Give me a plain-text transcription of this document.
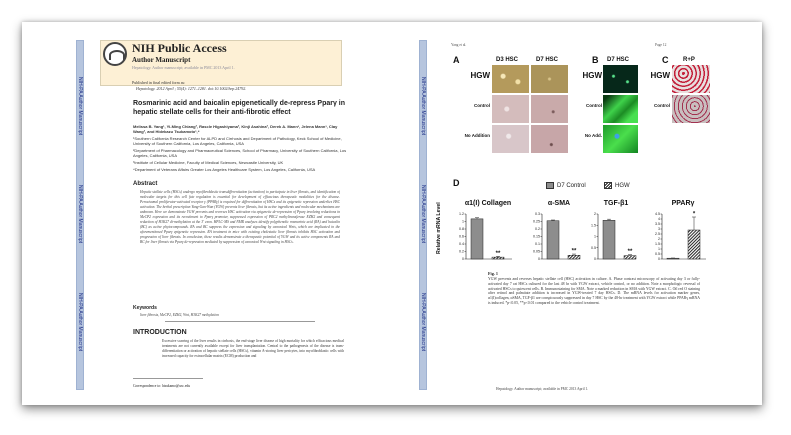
NIH-PA Author Manuscript
NIH-PA Author Manuscript
NIH-PA Author Manuscript
NIH Public Access
Author Manuscript
Hepatology. Author manuscript; available in PMC 2013 April 1.
Published in final edited form as:
Hepatology. 2012 April ; 55(4): 1271–1281. doi:10.1002/hep.24792.
Rosmarinic acid and baicalin epigenetically de-repress Pparγ in hepatic stellate cells for their anti-fibrotic effect
Melissa B. Yang¹, Yi-Ming Chiang², Rascle Higashiyama², Kinji Asahina², Derek A. Mann³, Jelena Mann³, Clay Wang², and Hidekazu Tsukamoto¹,⁴
¹Southern California Research Center for ALPD and Cirrhosis and Department of Pathology, Keck School of Medicine, University of Southern California, Los Angeles, California, USA
²Department of Pharmacology and Pharmaceutical Sciences, School of Pharmacy, University of Southern California, Los Angeles, California, USA
³Institute of Cellular Medicine, Faculty of Medical Sciences, Newcastle University, UK
⁴Department of Veterans Affairs Greater Los Angeles Healthcare System, Los Angeles, California, USA
Abstract
Hepatic stellate cells (HSCs) undergo myofibroblastic transdifferentiation (activation) to participate in liver fibrosis, and identification of molecular targets for this cell fate regulation is essential for development of efficacious therapeutic modalities for the disease. Peroxisomal proliferator-activated receptor γ (PPARγ) is required for differentiation of HSCs and its epigenetic repression underlies HSC activation. The herbal prescription Yang-Gan-Wan (YGW) prevents liver fibrosis, but its active ingredients and molecular mechanisms are unknown. Here we demonstrate YGW prevents and reverses HSC activation via epigenetic de-repression of Pparγ involving reductions in MeCP2 expression and its recruitment to Pparγ promoter, suppressed expression of PRC2 methyltransferase EZH2 and consequent reduction of H3K27 di-methylation at the 3' exon. HPLC-MS and NMR analyses identify polyphenolic rosmarinic acid (RA) and baicalin (BC) as active phytocompounds. RA and BC suppress the expression and signaling by canonical Wnts, which are implicated in the aforementioned Pparγ epigenetic repression. RA treatment in mice with existing cholestatic liver fibrosis inhibits HSC activation and progression of liver fibrosis. In conclusion, these results demonstrate a therapeutic potential of YGW and its active components RA and BC for liver fibrosis via Pparγ de-repression mediated by suppression of canonical Wnt signaling in HSCs.
Keywords
liver fibrosis, MeCP2, EZH2, Wnt, H3K27 methylation
INTRODUCTION
Excessive scarring of the liver results in cirrhosis, the end-stage liver disease of high mortality for which efficacious medical treatments are not currently available except for liver transplantation. Central to the pathogenesis of the disease is trans-differentiation or activation of hepatic stellate cells (HSCs), vitamin A-storing liver pericytes, into myofibroblastic cells with increased capacity for extracellular matrix (ECM) production and
Correspondence to: htsukamo@usc.edu
NIH-PA Author Manuscript
NIH-PA Author Manuscript
NIH-PA Author Manuscript
Yang et al.	Page 12
A	D3 HSC	D7 HSC
HGW
Control
No Addition
B D7 HSC
HGW
Control
No Add.
C R+P
HGW
Control
D	D7 Control	HGW
Relative mRNA Level	α1(I) Collagen
0
0.2
0.4
0.6
0.8
1
1.2
**
α-SMA
0
0.05
0.1
0.15
0.2
0.25
0.3
**
TGF-β1
0
0.5
1
1.5
2
**
PPARγ
0
0.5
1
1.5
2
2.5
3
3.5
4
4.5	*
Fig. 1
YGW prevents and reverses hepatic stellate cell (HSC) activation in culture. A. Phase contrast microscopy of activating day 3 or fully-activated day 7 rat HSCs cultured for the last 48 hr with YGW extract, vehicle control, or no addition. Note a morphologic reversal of activated HSCs to quiescent cells. B. Immunostaining for SMA. Note a marked reduction in SMA with YGW extract. C. Oil red O staining after retinol and palmitate addition is increased in YGW-treated 7 day HSCs. D. The mRNA levels for activation marker genes, α1(I)collagen, αSMA, TGF-β1 are conspicuously suppressed in day 7 HSC by the 48-hr treatment with YGW extract while PPARγ mRNA is induced. *p<0.05, **p<0.01 compared to the vehicle control treatment.
Hepatology. Author manuscript; available in PMC 2013 April 1.
